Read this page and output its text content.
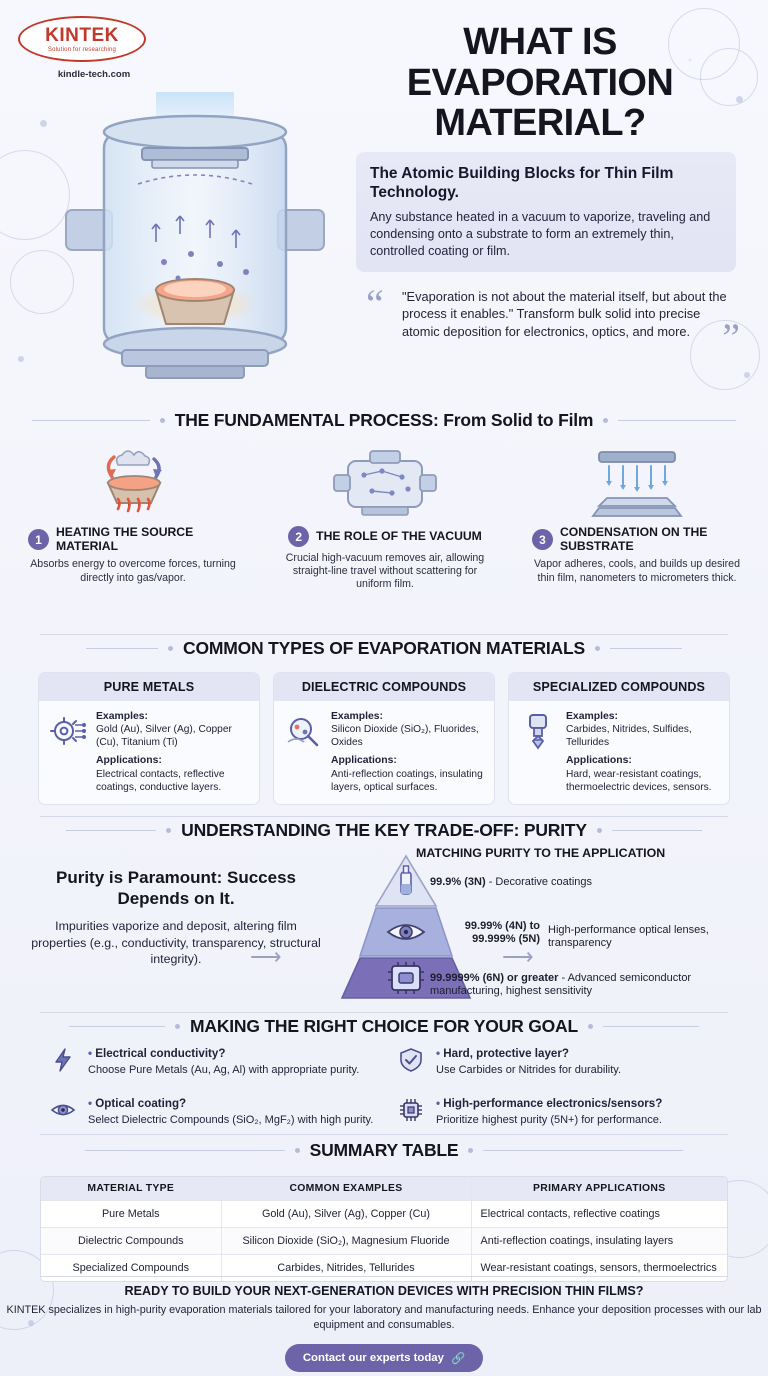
KINTEK
Solution for researching
kindle-tech.com
WHAT IS EVAPORATION MATERIAL?
The Atomic Building Blocks for Thin Film Technology.
Any substance heated in a vacuum to vaporize, traveling and condensing onto a substrate to form an extremely thin, controlled coating or film.
“
”
"Evaporation is not about the material itself, but about the process it enables." Transform bulk solid into precise atomic deposition for electronics, optics, and more.
THE FUNDAMENTAL PROCESS: From Solid to Film
1
HEATING THE SOURCE MATERIAL
Absorbs energy to overcome forces, turning directly into gas/vapor.
⟶
2	THE ROLE OF THE VACUUM
Crucial high-vacuum removes air, allowing straight-line travel without scattering for uniform film.
⟶
3
CONDENSATION ON THE SUBSTRATE
Vapor adheres, cools, and builds up desired thin film, nanometers to micrometers thick.
COMMON TYPES OF EVAPORATION MATERIALS
PURE METALS
Examples:
Gold (Au), Silver (Ag), Copper (Cu), Titanium (Ti)
Applications:
Electrical contacts, reflective coatings, conductive layers.
DIELECTRIC COMPOUNDS
Examples:
Silicon Dioxide (SiO₂), Fluorides, Oxides
Applications:
Anti-reflection coatings, insulating layers, optical surfaces.
SPECIALIZED COMPOUNDS
Examples:
Carbides, Nitrides, Sulfides, Tellurides
Applications:
Hard, wear-resistant coatings, thermoelectric devices, sensors.
UNDERSTANDING THE KEY TRADE-OFF: PURITY
Purity is Paramount: Success Depends on It.

Impurities vaporize and deposit, altering film properties (e.g., conductivity, transparency, structural integrity).

MATCHING PURITY TO THE APPLICATION
99.9% (3N) - Decorative coatings
99.99% (4N) to 99.999% (5N)
High-performance optical lenses, transparency
99.9999% (6N) or greater - Advanced semiconductor manufacturing, highest sensitivity
MAKING THE RIGHT CHOICE FOR YOUR GOAL
• Electrical conductivity?
Choose Pure Metals (Au, Ag, Al) with appropriate purity.
• Hard, protective layer?
Use Carbides or Nitrides for durability.
• Optical coating?
Select Dielectric Compounds (SiO₂, MgF₂) with high purity.
• High-performance electronics/sensors?
Prioritize highest purity (5N+) for performance.
SUMMARY TABLE
MATERIAL TYPE	COMMON EXAMPLES	PRIMARY APPLICATIONS
Pure Metals	Gold (Au), Silver (Ag), Copper (Cu)	Electrical contacts, reflective coatings
Dielectric Compounds	Silicon Dioxide (SiO₂), Magnesium Fluoride	Anti-reflection coatings, insulating layers
Specialized Compounds	Carbides, Nitrides, Tellurides	Wear-resistant coatings, sensors, thermoelectrics
READY TO BUILD YOUR NEXT-GENERATION DEVICES WITH PRECISION THIN FILMS?
KINTEK specializes in high-purity evaporation materials tailored for your laboratory and manufacturing needs. Enhance your deposition processes with our lab equipment and consumables.
Contact our experts today 🔗
